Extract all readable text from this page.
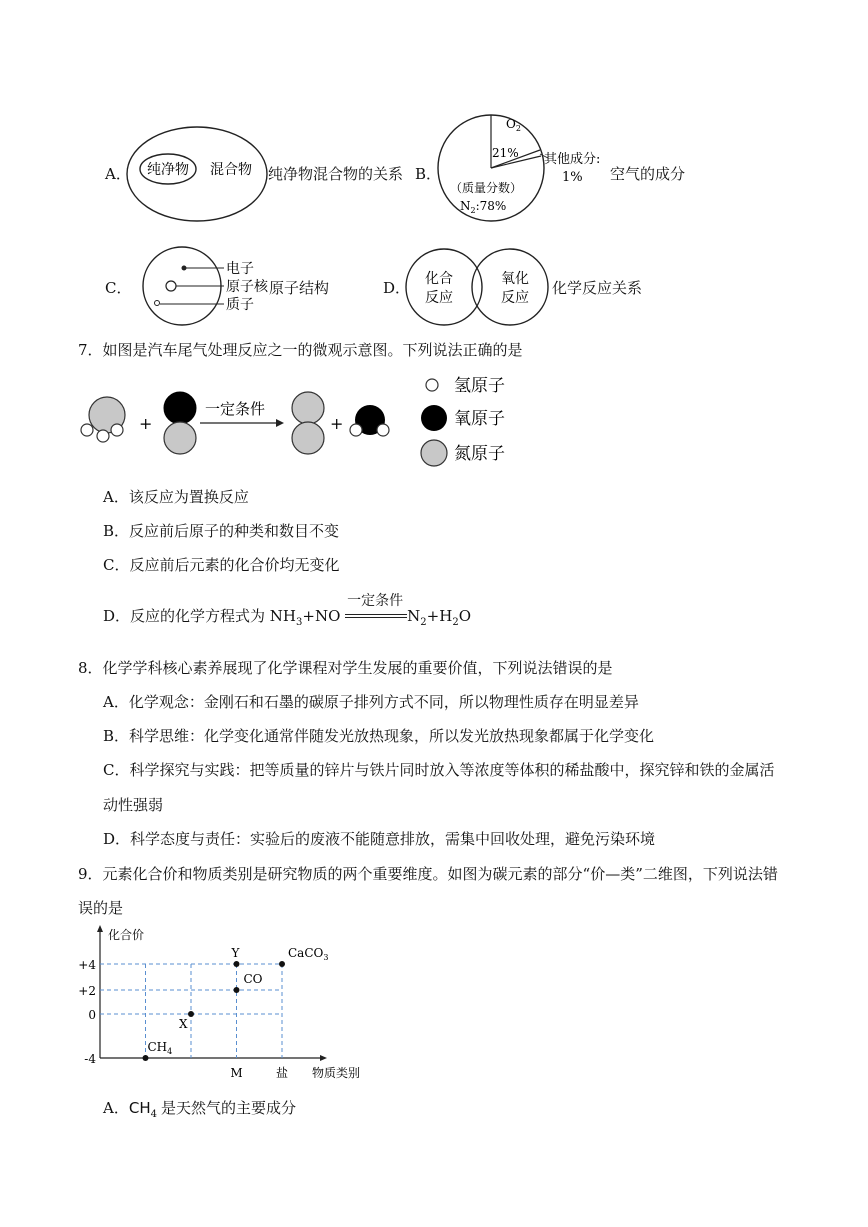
A． 纯净物 混合物 纯净物混合物的关系 B．
$O_2$
21%
（质量分数）
$N_2:78\%$
其他成分:
1% 空气的成分
C．
电子
原子核
质子
原子结构	D． 化合
反应
氧化
反应
化学反应关系
7．如图是汽车尾气处理反应之一的微观示意图。下列说法正确的是
+
一定条件
+
氢原子
氧原子
氮原子
A．该反应为置换反应
B．反应前后原子的种类和数目不变
C．反应前后元素的化合价均无变化
D．反应的化学方程式为 $NH_3+NO$
一定条件
$N_2+H_2O$
8．化学学科核心素养展现了化学课程对学生发展的重要价值，下列说法错误的是
A．化学观念：金刚石和石墨的碳原子排列方式不同，所以物理性质存在明显差异
B．科学思维：化学变化通常伴随发光放热现象，所以发光放热现象都属于化学变化
C．科学探究与实践：把等质量的锌片与铁片同时放入等浓度等体积的稀盐酸中，探究锌和铁的金属活
动性强弱
D．科学态度与责任：实验后的废液不能随意排放，需集中回收处理，避免污染环境
9．元素化合价和物质类别是研究物质的两个重要维度。如图为碳元素的部分“价—类”二维图，下列说法错
误的是
化合价
物质类别
+4
+2
0
-4
M	盐
$CH_4$
X
CO
Y	CaCO$_3$
A．$CH_4$ 是天然气的主要成分
